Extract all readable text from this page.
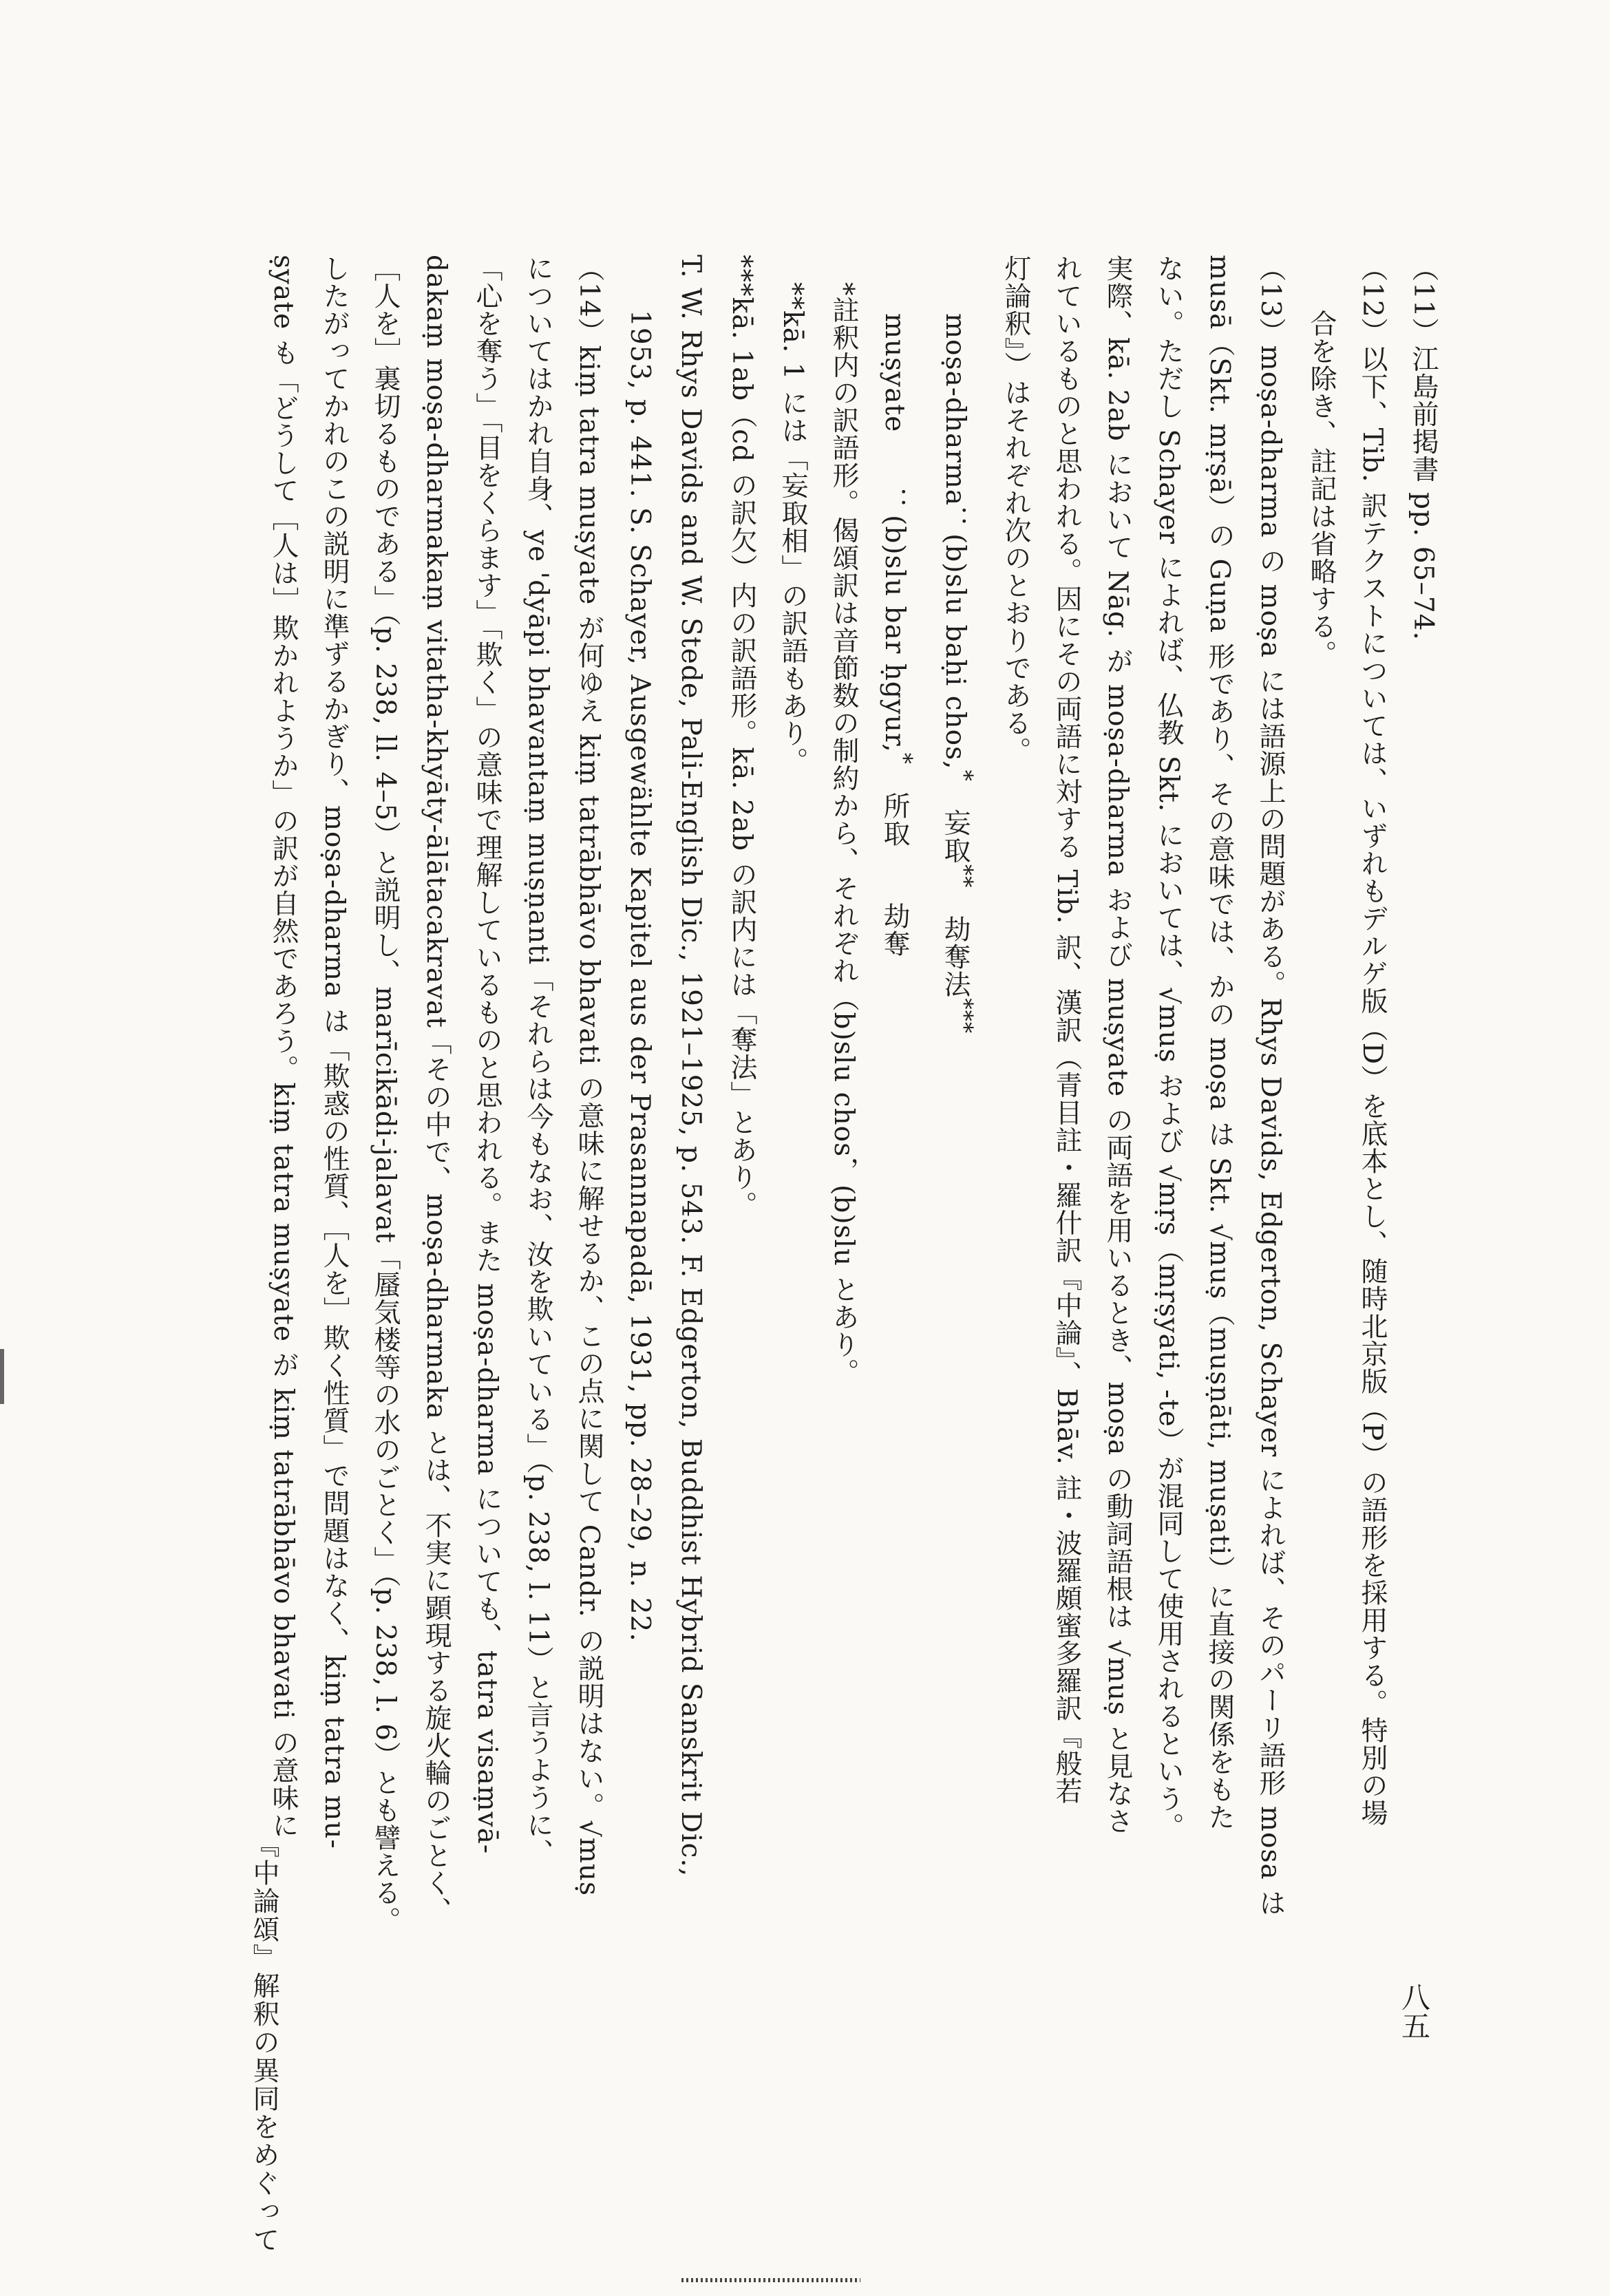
（11）江島前掲書 pp. 65–74.

（12）以下、Tib. 訳テクストについては、いずれもデルゲ版（D）を底本とし、随時北京版（P）の語形を採用する。特別の場

合を除き、註記は省略する。

（13）moṣa-dharma の moṣa には語源上の問題がある。Rhys Davids, Edgerton, Schayer によれば、そのパーリ語形 mosa は

musā（Skt. mṛṣā）の Guṇa 形であり、その意味では、かの moṣa は Skt. √muṣ（muṣṇāti, muṣati）に直接の関係をもた

ない。ただし Schayer によれば、仏教 Skt. においては、√muṣ および √mṛṣ（mṛṣyati, -te）が混同して使用されるという。

実際、kā. 2ab において Nāg. が moṣa-dharma および muṣyate の両語を用いるとき、moṣa の動詞語根は √muṣ と見なさ

れているものと思われる。因にその両語に対する Tib. 訳、漢訳（青目註・羅什訳『中論』、Bhāv. 註・波羅頗蜜多羅訳『般若

灯論釈』）はそれぞれ次のとおりである。

moṣa-dharma：(b)slu baḥi chos,*　妄取**　劫奪法***

muṣyate　　：(b)slu bar ḥgyur,*　所取　　劫奪

*註釈内の訳語形。偈頌訳は音節数の制約から、それぞれ（b)slu chos，(b)slu とあり。

**kā. 1 には「妄取相」の訳語もあり。

***kā. 1ab（cd の訳欠）内の訳語形。kā. 2ab の訳内には「奪法」とあり。

T. W. Rhys Davids and W. Stede, Pali-English Dic., 1921–1925, p. 543. F. Edgerton, Buddhist Hybrid Sanskrit Dic.,

1953, p. 441. S. Schayer, Ausgewählte Kapitel aus der Prasannapadā, 1931, pp. 28–29, n. 22.

（14）kiṃ tatra muṣyate が何ゆえ kiṃ tatrābhāvo bhavati の意味に解せるか、この点に関して Candr. の説明はない。√muṣ

についてはかれ自身、ye 'dyāpi bhavantaṃ muṣṇanti「それらは今もなお、汝を欺いている」（p. 238, l. 11）と言うように、

「心を奪う」「目をくらます」「欺く」の意味で理解しているものと思われる。また moṣa-dharma についても、tatra visaṃvā-

dakaṃ moṣa-dharmakaṃ vitatha-khyāty-ālātacakravat「その中で、moṣa-dharmaka とは、不実に顕現する旋火輪のごとく、

［人を］裏切るものである」（p. 238, ll. 4–5）と説明し、marīcikādi-jalavat「蜃気楼等の水のごとく」（p. 238, l. 6）とも譬える。

したがってかれのこの説明に準ずるかぎり、moṣa-dharma は「欺惑の性質、［人を］欺く性質」で問題はなく、kiṃ tatra mu-

ṣyate も「どうして［人は］欺かれようか」の訳が自然であろう。kiṃ tatra muṣyate が kiṃ tatrābhāvo bhavati の意味に

八五
『中論頌』解釈の異同をめぐって
